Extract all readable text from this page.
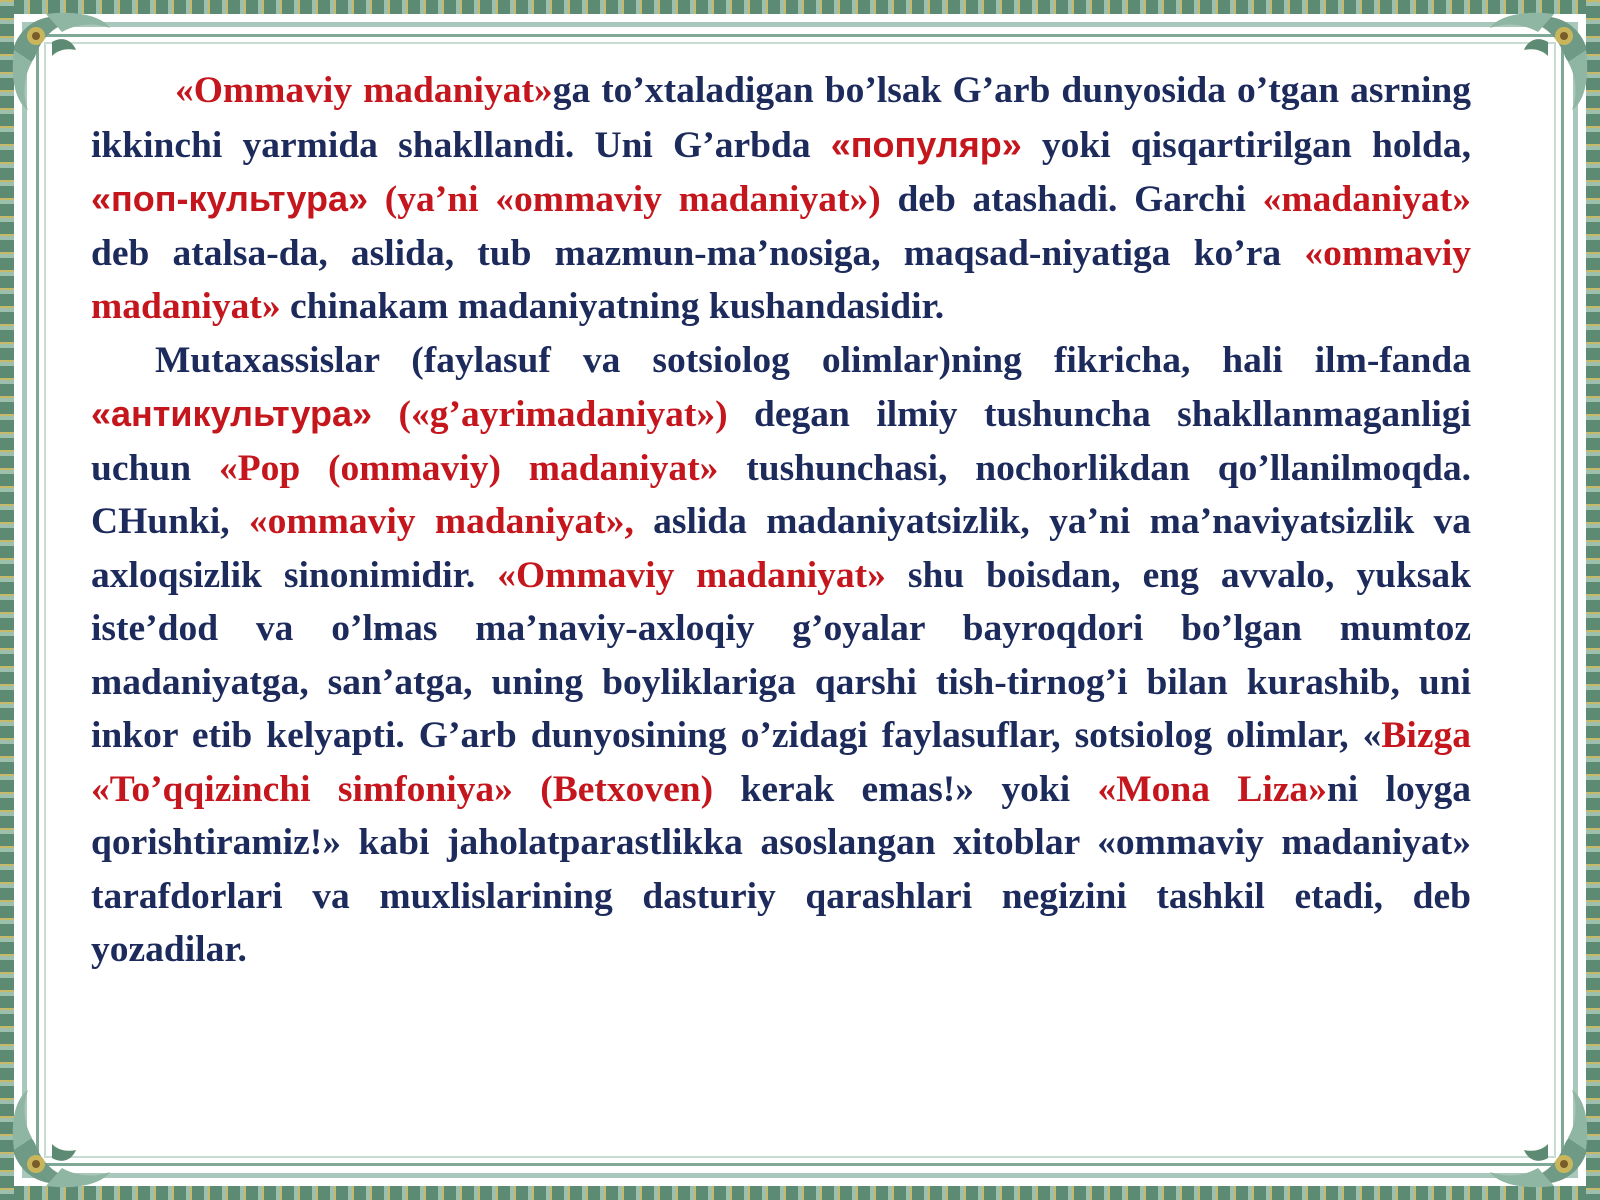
«Ommaviy madaniyat»ga to’xtaladigan bo’lsak G’arb dunyosida o’tgan asrning ikkinchi yarmida shakllandi. Uni G’arbda «популяр» yoki qisqartirilgan holda, «поп-культура» (ya’ni «ommaviy madaniyat») deb atashadi. Garchi «madaniyat» deb atalsa-da, aslida, tub mazmun-ma’nosiga, maqsad-niyatiga ko’ra «ommaviy madaniyat» chinakam madaniyatning kushandasidir.

Mutaxassislar (faylasuf va sotsiolog olimlar)ning fikricha, hali ilm-fanda «антикультура» («g’ayrimadaniyat») degan ilmiy tushuncha shakllanmaganligi uchun «Pop (ommaviy) madaniyat» tushunchasi, nochorlikdan qo’llanilmoqda. CHunki, «ommaviy madaniyat», aslida madaniyatsizlik, ya’ni ma’naviyatsizlik va axloqsizlik sinonimidir. «Ommaviy madaniyat» shu boisdan, eng avvalo, yuksak iste’dod va o’lmas ma’naviy-axloqiy g’oyalar bayroqdori bo’lgan mumtoz madaniyatga, san’atga, uning boyliklariga qarshi tish-tirnog’i bilan kurashib, uni inkor etib kelyapti. G’arb dunyosining o’zidagi faylasuflar, sotsiolog olimlar, «Bizga «To’qqizinchi simfoniya» (Betxoven) kerak emas!» yoki «Mona Liza»ni loyga qorishtiramiz!» kabi jaholatparastlikka asoslangan xitoblar «ommaviy madaniyat» tarafdorlari va muxlislarining dasturiy qarashlari negizini tashkil etadi, deb yozadilar.
